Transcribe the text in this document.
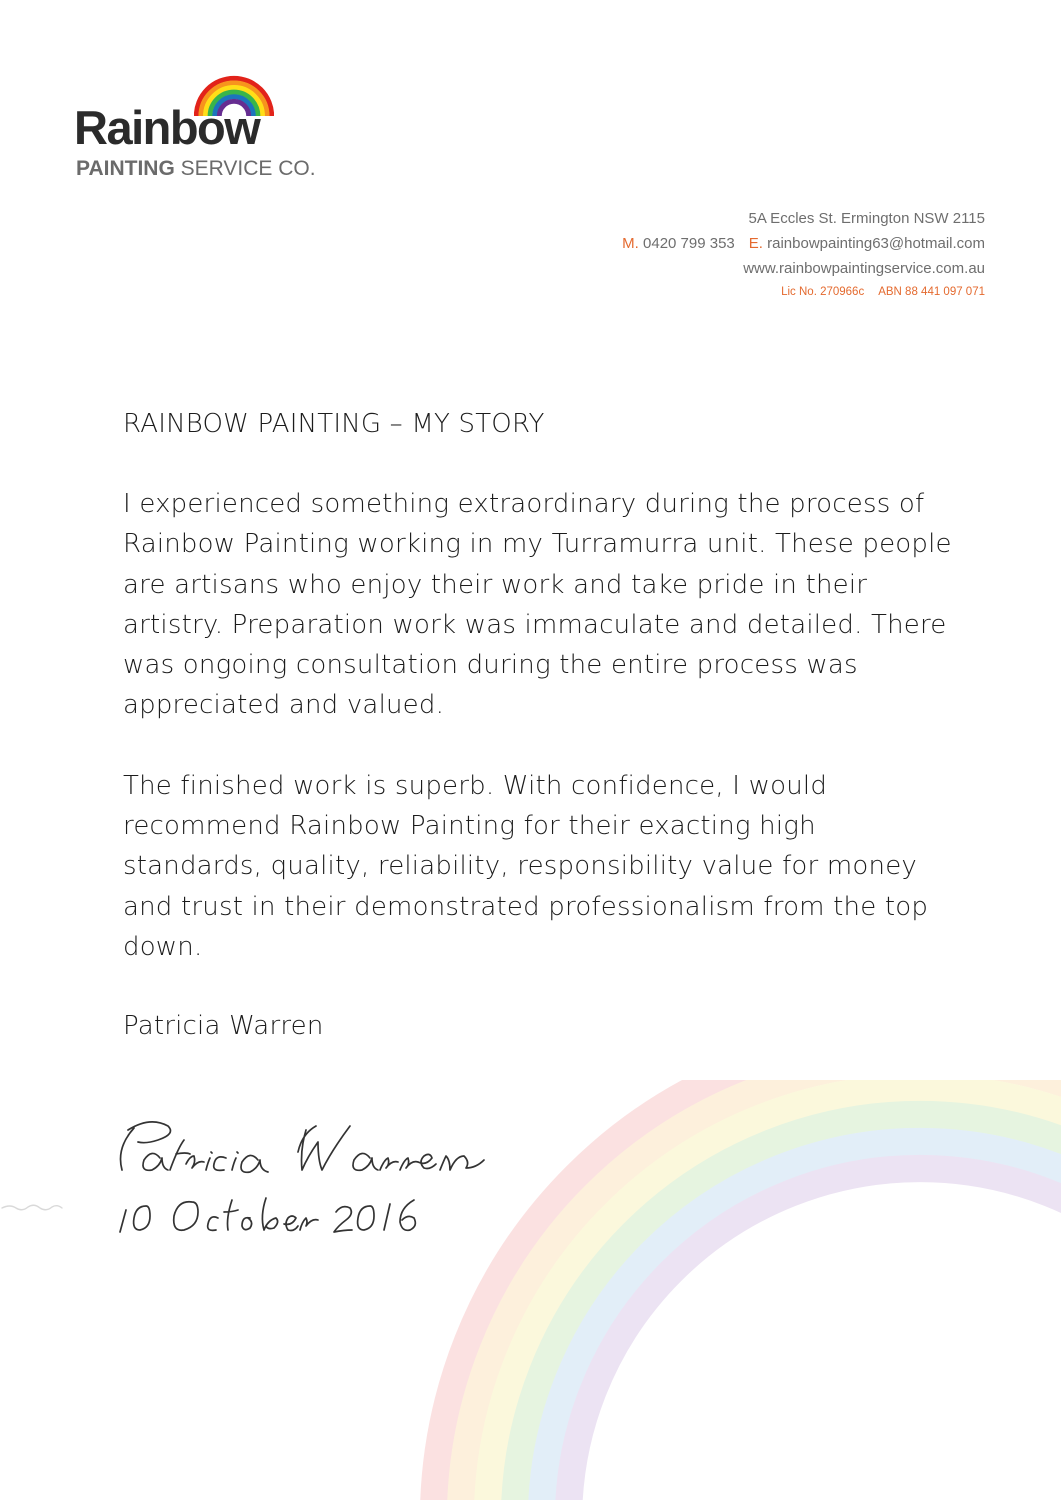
Rainbow
PAINTING SERVICE CO.
5A Eccles St. Ermington NSW 2115
M. 0420 799 353 E. rainbowpainting63@hotmail.com
www.rainbowpaintingservice.com.au
Lic No. 270966c ABN 88 441 097 071

RAINBOW PAINTING – MY STORY

I experienced something extraordinary during the process of Rainbow Painting working in my Turramurra unit. These people are artisans who enjoy their work and take pride in their artistry. Preparation work was immaculate and detailed. There was ongoing consultation during the entire process was appreciated and valued.

The finished work is superb. With confidence, I would recommend Rainbow Painting for their exacting high standards, quality, reliability, responsibility value for money and trust in their demonstrated professionalism from the top down.

Patricia Warren
